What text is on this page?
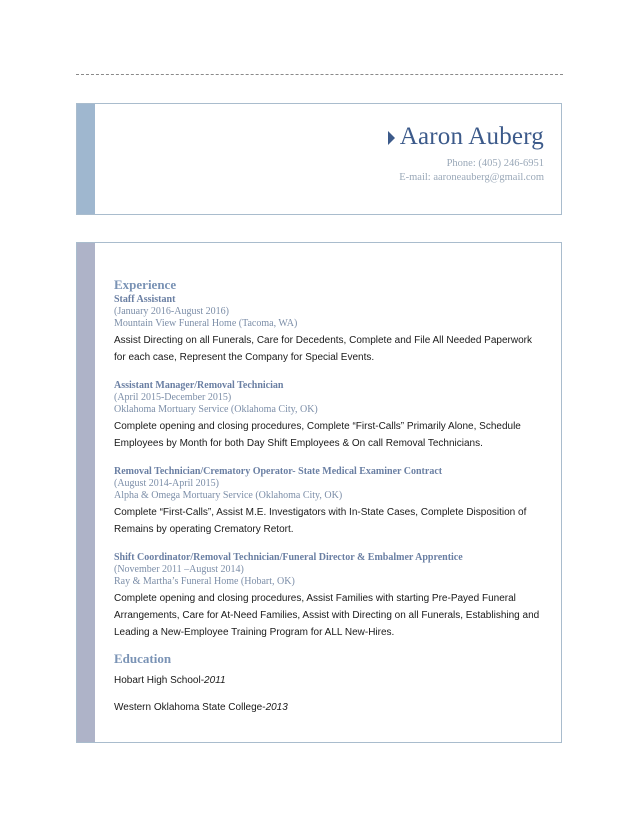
Aaron Auberg
Phone: (405) 246-6951
E-mail: aaroneauberg@gmail.com
Experience
Staff Assistant
(January 2016-August 2016)
Mountain View Funeral Home (Tacoma, WA)
Assist Directing on all Funerals, Care for Decedents, Complete and File All Needed Paperwork for each case, Represent the Company for Special Events.
Assistant Manager/Removal Technician
(April 2015-December 2015)
Oklahoma Mortuary Service (Oklahoma City, OK)
Complete opening and closing procedures, Complete “First-Calls” Primarily Alone, Schedule Employees by Month for both Day Shift Employees & On call Removal Technicians.
Removal Technician/Crematory Operator- State Medical Examiner Contract
(August 2014-April 2015)
Alpha & Omega Mortuary Service (Oklahoma City, OK)
Complete “First-Calls”, Assist M.E. Investigators with In-State Cases, Complete Disposition of Remains by operating Crematory Retort.
Shift Coordinator/Removal Technician/Funeral Director & Embalmer Apprentice
(November 2011 –August 2014)
Ray & Martha’s Funeral Home (Hobart, OK)
Complete opening and closing procedures, Assist Families with starting Pre-Payed Funeral Arrangements, Care for At-Need Families, Assist with Directing on all Funerals, Establishing and Leading a New-Employee Training Program for ALL New-Hires.
Education
Hobart High School-2011
Western Oklahoma State College-2013
